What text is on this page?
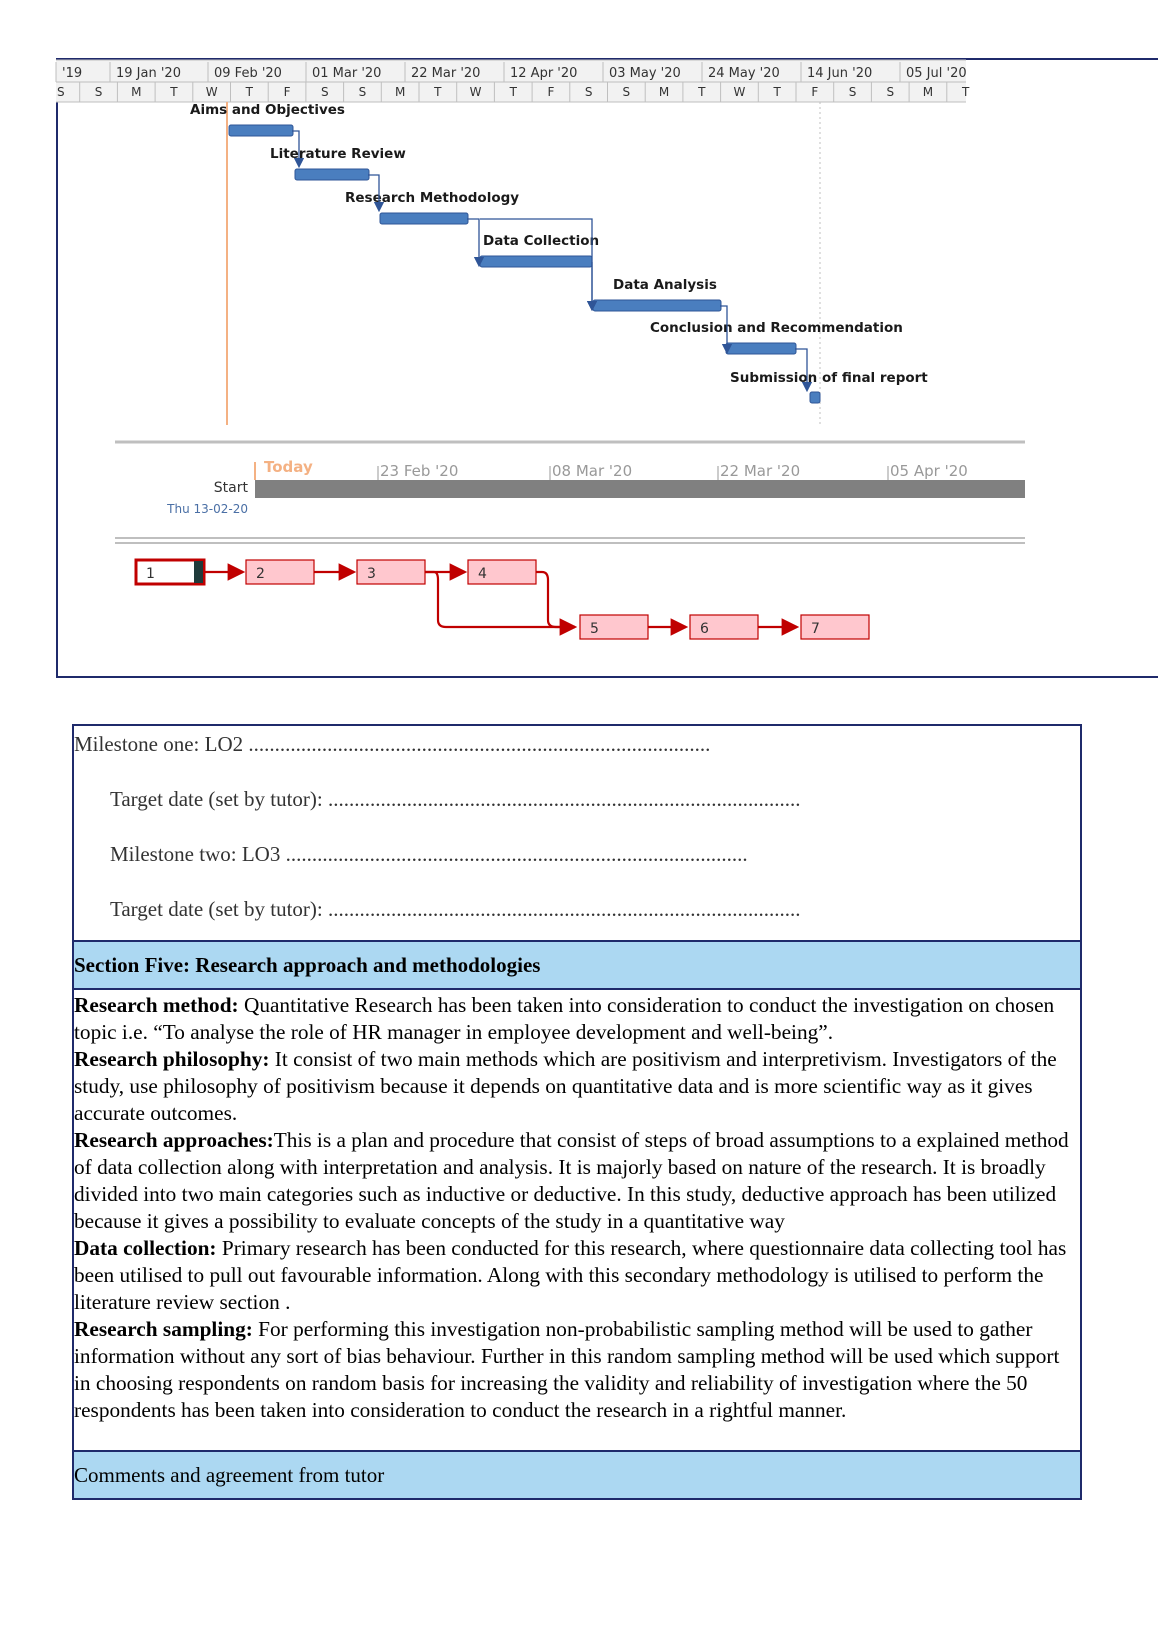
'19	19 Jan '20	09 Feb '20 01 Mar '20 22 Mar '20 12 Apr '20 03 May '20 24 May '20 14 Jun '20	05 Jul '20
S	S M T W T	F	S	S M T W T	F	S	S M T W T	F	S	S M T
Aims and Objectives
Literature Review
Research Methodology
Data Collection
Data Analysis
Conclusion and Recommendation
Submission of final report
Today	23 Feb '20	08 Mar '20	22 Mar '20	05 Apr '20
Start
Thu 13-02-20
1	2	3	4
5	6	7
Milestone one: LO2 ........................................................................................
Target date (set by tutor): ..........................................................................................
Milestone two: LO3 ........................................................................................
Target date (set by tutor): ..........................................................................................
Section Five: Research approach and methodologies

Research method: Quantitative Research has been taken into consideration to conduct the investigation on chosen topic i.e. “To analyse the role of HR manager in employee development and well-being”.

Research philosophy: It consist of two main methods which are positivism and interpretivism. Investigators of the study, use philosophy of positivism because it depends on quantitative data and is more scientific way as it gives accurate outcomes.

Research approaches:This is a plan and procedure that consist of steps of broad assumptions to a explained method of data collection along with interpretation and analysis. It is majorly based on nature of the research. It is broadly divided into two main categories such as inductive or deductive. In this study, deductive approach has been utilized because it gives a possibility to evaluate concepts of the study in a quantitative way

Data collection: Primary research has been conducted for this research, where questionnaire data collecting tool has been utilised to pull out favourable information. Along with this secondary methodology is utilised to perform the literature review section .

Research sampling: For performing this investigation non-probabilistic sampling method will be used to gather information without any sort of bias behaviour. Further in this random sampling method will be used which support in choosing respondents on random basis for increasing the validity and reliability of investigation where the 50 respondents has been taken into consideration to conduct the research in a rightful manner.

Comments and agreement from tutor
